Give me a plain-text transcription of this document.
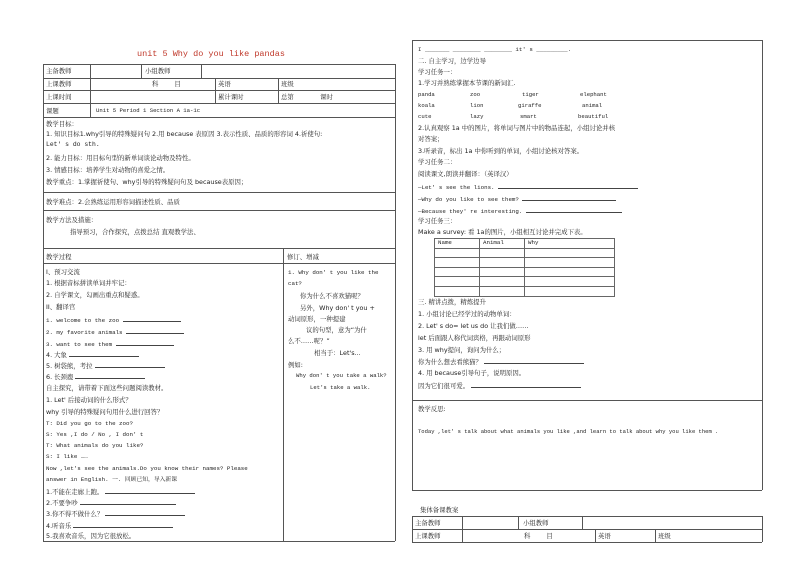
unit 5 Why do you like pandas
主备教师	小组教师
上课教师	科 目	英语	班级
上课时间	累计课时	总第	课时
课题	Unit 5 Period 1 Section A 1a-1c
教学目标：
1. 知识目标1.why引导的特殊疑问句 2.用 because 表原因 3.表示性质、品质的形容词 4.祈使句:
Let' s do sth.
2. 能力目标：用目标句型的新单词谈论动物及特性。
3. 情感目标：培养学生对动物的喜爱之情。
教学重点：1.掌握祈使句、why引导的特殊疑问句及 because表原因；
教学难点：2.会熟练运用形容词描述性质、品质
教学方法及措施：
指导预习，合作探究，点拨总结 直观教学法、
教学过程	修订、增减
I、预习交流
1. 根据音标拼读单词并牢记：
2. 自学课文，勾画出重点和疑惑。
II、翻译官
1. welcome to the zoo
2. my favorite animals
3. want to see them
4. 大象
5. 树袋熊，考拉
6. 长颈鹿
自主探究，请带着下面这些问题阅读教材。
1. Let' 后接动词的什么形式？
why 引导的特殊疑问句用什么进行回答？
T: Did you go to the zoo?
S: Yes ,I do / No , I don' t
T: What animals do you like?
S: I like ……
Now ,let's see the animals.Do you know their names? Please
answer in English. 一. 回顾已知，导入新课
1.不能在走廊上跑。
2.不要争吵
3.你不得不做什么？
4.听音乐
5.我喜欢音乐，因为它很放松。
1. Why don' t you like the
cat?
你为什么不喜欢猫呢？
另外，Why don' t you +
动词原形，一种提建
议的句型，意为“为什
么不……呢？”
相当于：Let's...
例如:
Why don' t you take a walk?
Let's take a walk.
I _______ ________ ________ it' s _________.
二. 自主学习，边学边导
学习任务一：
1.学习并熟练掌握本节课的新词汇.
panda	zoo	tiger	elephant
koala	lion	giraffe	animal
cute	lazy	smart	beautiful
2.认真观察 1a 中的图片，将单词与图片中的物品连起，小组讨论并核
对答案；
3.听录音，标出 1a 中你听到的单词，小组讨论核对答案。
学习任务二：
阅读课文,朗读并翻译：（英译汉）
—Let' s see the lions.
—Why do you like to see them?
—Because they' re interesting.
学习任务三：
Make a survey: 看 1a的图片，小组相互讨论并完成下表。
Name	Animal	Why

三. 精讲点拨，精炼提升
1. 小组讨论已经学过的动物单词：
2. Let' s do= let us do 让我们做……
let 后面跟人称代词宾格，再跟动词原形
3. 用 why提问，询问为什么；
你为什么想去看熊猫？
4. 用 because引导句子，说明原因。
因为它们很可爱。
教学反思:
Today ,let' s talk about what animals you like ,and learn to talk about why you like them .
集体备课教案
主备教师	小组教师
上课教师	科 目	英语	班级
